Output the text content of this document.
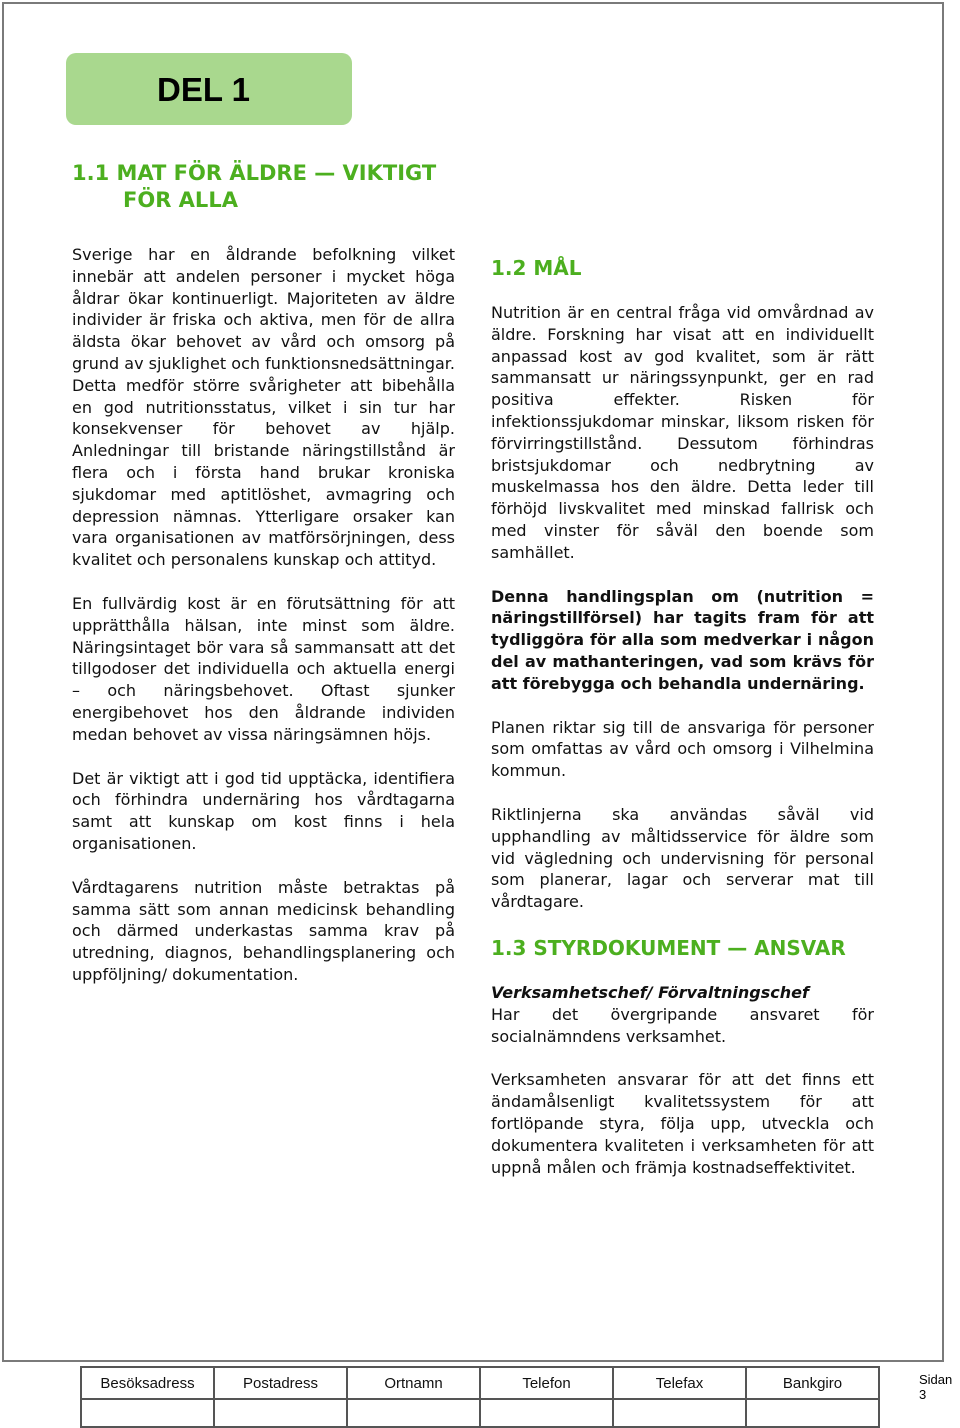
DEL 1
1.1 MAT FÖR ÄLDRE — VIKTIGT
FÖR ALLA

Sverige har en åldrande befolkning vilket innebär att andelen personer i mycket höga åldrar ökar kontinuerligt. Majoriteten av äldre individer är friska och aktiva, men för de allra äldsta ökar behovet av vård och omsorg på grund av sjuklighet och funktionsnedsättningar. Detta medför större svårigheter att bibehålla en god nutritionsstatus, vilket i sin tur har konsekvenser för behovet av hjälp. Anledningar till bristande näringstillstånd är flera och i första hand brukar kroniska sjukdomar med aptitlöshet, avmagring och depression nämnas. Ytterligare orsaker kan vara organisationen av matförsörjningen, dess kvalitet och personalens kunskap och attityd.

En fullvärdig kost är en förutsättning för att upprätthålla hälsan, inte minst som äldre. Näringsintaget bör vara så sammansatt att det tillgodoser det individuella och aktuella energi – och näringsbehovet. Oftast sjunker energibehovet hos den åldrande individen medan behovet av vissa näringsämnen höjs.

Det är viktigt att i god tid upptäcka, identifiera och förhindra undernäring hos vårdtagarna samt att kunskap om kost finns i hela organisationen.

Vårdtagarens nutrition måste betraktas på samma sätt som annan medicinsk behandling och därmed underkastas samma krav på utredning, diagnos, behandlingsplanering och uppföljning/ dokumentation.

1.2 MÅL

Nutrition är en central fråga vid omvårdnad av äldre. Forskning har visat att en individuellt anpassad kost av god kvalitet, som är rätt sammansatt ur näringssynpunkt, ger en rad positiva effekter. Risken för infektionssjukdomar minskar, liksom risken för förvirringstillstånd. Dessutom förhindras bristsjukdomar och nedbrytning av muskelmassa hos den äldre. Detta leder till förhöjd livskvalitet med minskad fallrisk och med vinster för såväl den boende som samhället.

Denna handlingsplan om (nutrition = näringstillförsel) har tagits fram för att tydliggöra för alla som medverkar i någon del av mathanteringen, vad som krävs för att förebygga och behandla undernäring.

Planen riktar sig till de ansvariga för personer som omfattas av vård och omsorg i Vilhelmina kommun.

Riktlinjerna ska användas såväl vid upphandling av måltidsservice för äldre som vid vägledning och undervisning för personal som planerar, lagar och serverar mat till vårdtagare.

1.3 STYRDOKUMENT — ANSVAR
Verksamhetschef/ Förvaltningschef

Har det övergripande ansvaret för socialnämndens verksamhet.

Verksamheten ansvarar för att det finns ett ändamålsenligt kvalitetssystem för att fortlöpande styra, följa upp, utveckla och dokumentera kvaliteten i verksamheten för att uppnå målen och främja kostnadseffektivitet.

Besöksadress	Postadress	Ortnamn	Telefon	Telefax	Bankgiro
						Sidan 3
